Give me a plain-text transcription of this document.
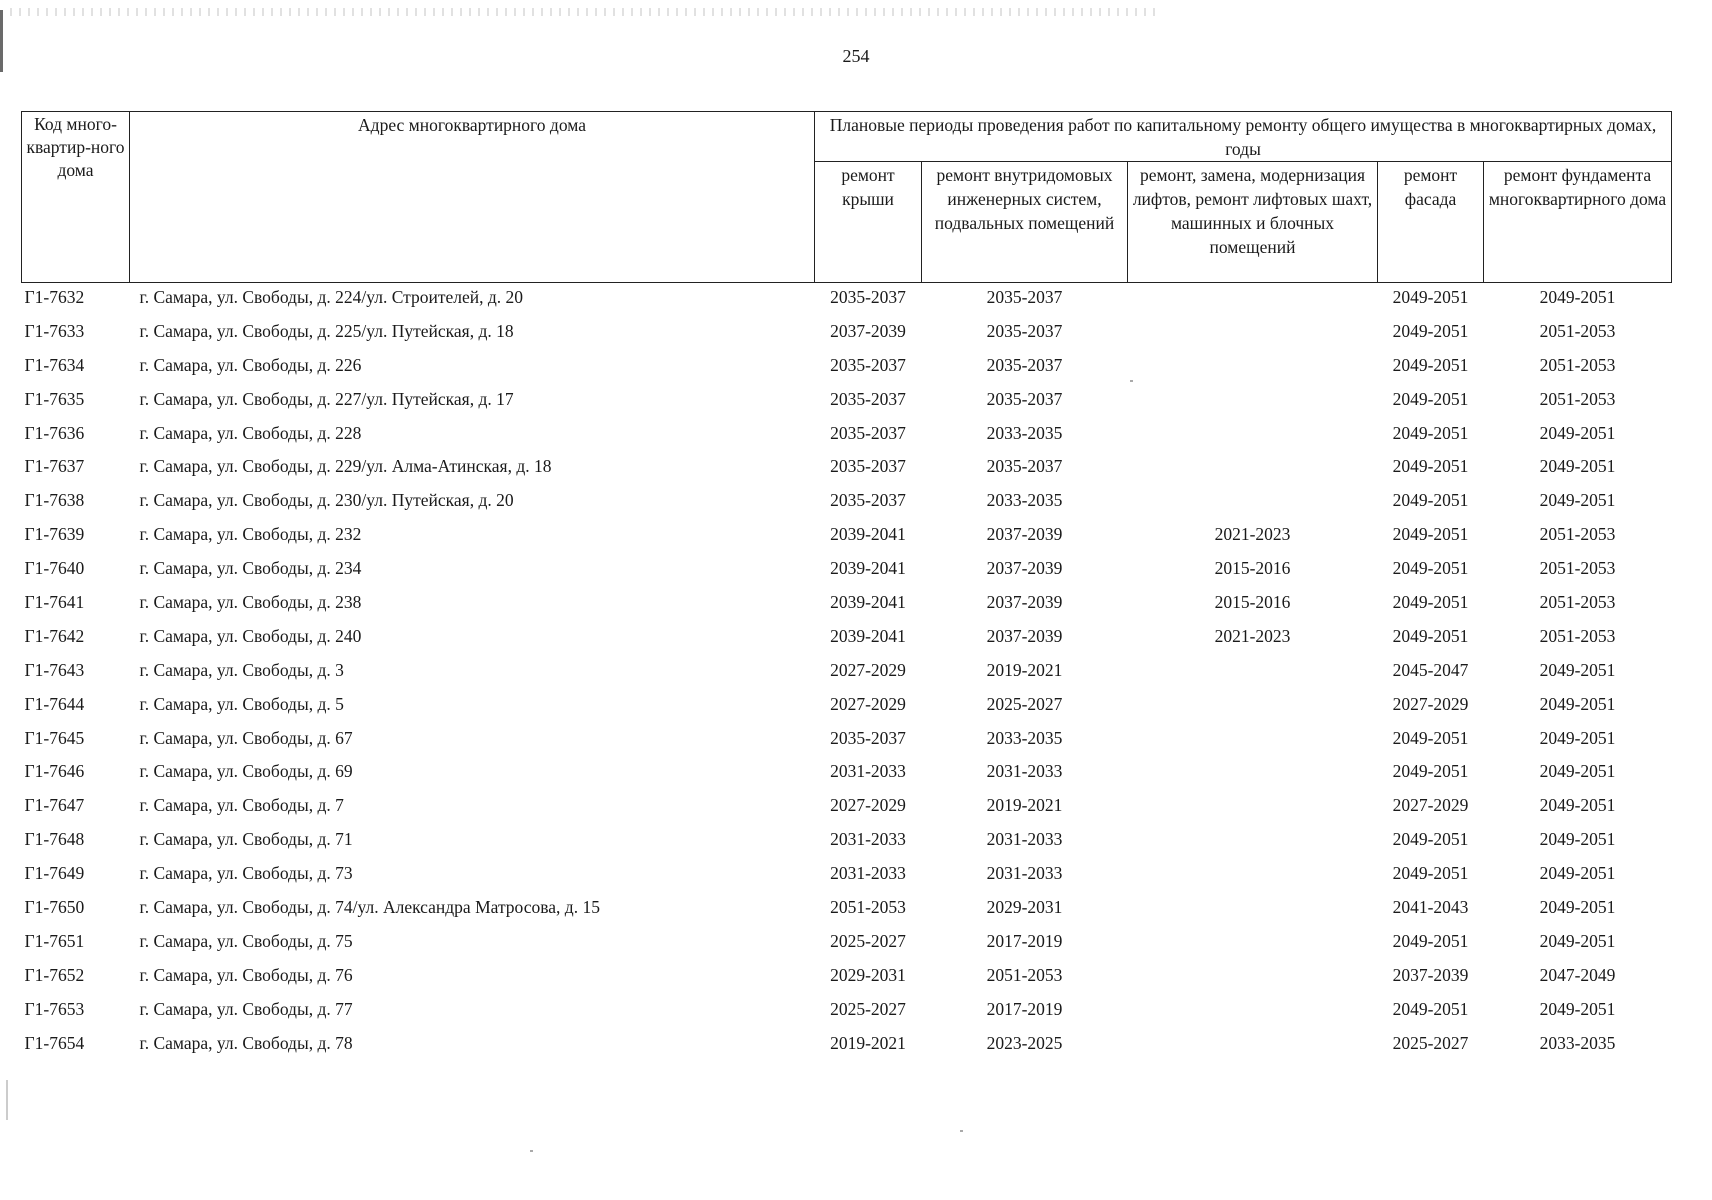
254
Код много-квартир-ного дома	Адрес многоквартирного дома	Плановые периоды проведения работ по капитальному ремонту общего имущества в многоквартирных домах, годы				
		ремонт крыши	ремонт внутридомовых инженерных систем, подвальных помещений	ремонт, замена, модернизация лифтов, ремонт лифтовых шахт, машинных и блочных помещений	ремонт фасада	ремонт фундамента многоквартирного дома
Г1-7632	г. Самара, ул. Свободы, д. 224/ул. Строителей, д. 20	2035-2037	2035-2037		2049-2051	2049-2051
Г1-7633	г. Самара, ул. Свободы, д. 225/ул. Путейская, д. 18	2037-2039	2035-2037		2049-2051	2051-2053
Г1-7634	г. Самара, ул. Свободы, д. 226	2035-2037	2035-2037		2049-2051	2051-2053
Г1-7635	г. Самара, ул. Свободы, д. 227/ул. Путейская, д. 17	2035-2037	2035-2037		2049-2051	2051-2053
Г1-7636	г. Самара, ул. Свободы, д. 228	2035-2037	2033-2035		2049-2051	2049-2051
Г1-7637	г. Самара, ул. Свободы, д. 229/ул. Алма-Атинская, д. 18	2035-2037	2035-2037		2049-2051	2049-2051
Г1-7638	г. Самара, ул. Свободы, д. 230/ул. Путейская, д. 20	2035-2037	2033-2035		2049-2051	2049-2051
Г1-7639	г. Самара, ул. Свободы, д. 232	2039-2041	2037-2039	2021-2023	2049-2051	2051-2053
Г1-7640	г. Самара, ул. Свободы, д. 234	2039-2041	2037-2039	2015-2016	2049-2051	2051-2053
Г1-7641	г. Самара, ул. Свободы, д. 238	2039-2041	2037-2039	2015-2016	2049-2051	2051-2053
Г1-7642	г. Самара, ул. Свободы, д. 240	2039-2041	2037-2039	2021-2023	2049-2051	2051-2053
Г1-7643	г. Самара, ул. Свободы, д. 3	2027-2029	2019-2021		2045-2047	2049-2051
Г1-7644	г. Самара, ул. Свободы, д. 5	2027-2029	2025-2027		2027-2029	2049-2051
Г1-7645	г. Самара, ул. Свободы, д. 67	2035-2037	2033-2035		2049-2051	2049-2051
Г1-7646	г. Самара, ул. Свободы, д. 69	2031-2033	2031-2033		2049-2051	2049-2051
Г1-7647	г. Самара, ул. Свободы, д. 7	2027-2029	2019-2021		2027-2029	2049-2051
Г1-7648	г. Самара, ул. Свободы, д. 71	2031-2033	2031-2033		2049-2051	2049-2051
Г1-7649	г. Самара, ул. Свободы, д. 73	2031-2033	2031-2033		2049-2051	2049-2051
Г1-7650	г. Самара, ул. Свободы, д. 74/ул. Александра Матросова, д. 15	2051-2053	2029-2031		2041-2043	2049-2051
Г1-7651	г. Самара, ул. Свободы, д. 75	2025-2027	2017-2019		2049-2051	2049-2051
Г1-7652	г. Самара, ул. Свободы, д. 76	2029-2031	2051-2053		2037-2039	2047-2049
Г1-7653	г. Самара, ул. Свободы, д. 77	2025-2027	2017-2019		2049-2051	2049-2051
Г1-7654	г. Самара, ул. Свободы, д. 78	2019-2021	2023-2025		2025-2027	2033-2035
